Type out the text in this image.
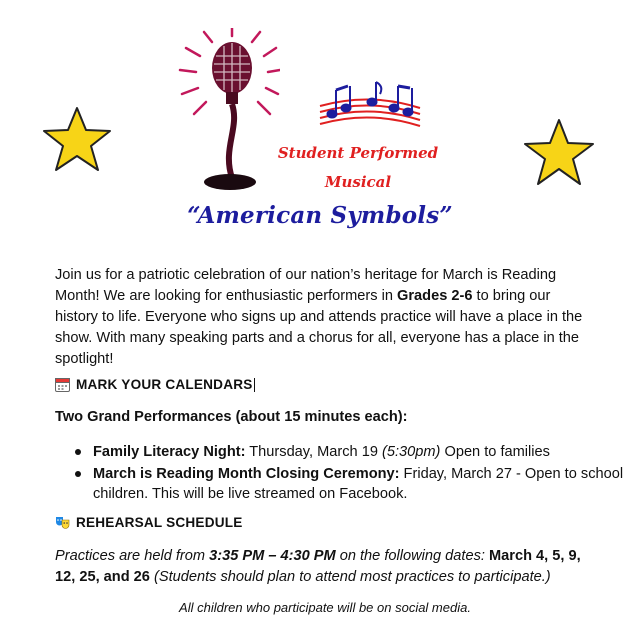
Student Performed
Musical
“American Symbols”
Join us for a patriotic celebration of our nation’s heritage for March is Reading Month! We are looking for enthusiastic performers in Grades 2-6 to bring our history to life. Everyone who signs up and attends practice will have a place in the show. With many speaking parts and a chorus for all, everyone has a place in the spotlight!
MARK YOUR CALENDARS
Two Grand Performances (about 15 minutes each):
Family Literacy Night: Thursday, March 19 (5:30pm) Open to families
March is Reading Month Closing Ceremony: Friday, March 27 - Open to school children. This will be live streamed on Facebook.
REHEARSAL SCHEDULE
Practices are held from 3:35 PM – 4:30 PM on the following dates: March 4, 5, 9, 12, 25, and 26 (Students should plan to attend most practices to participate.)
All children who participate will be on social media.
